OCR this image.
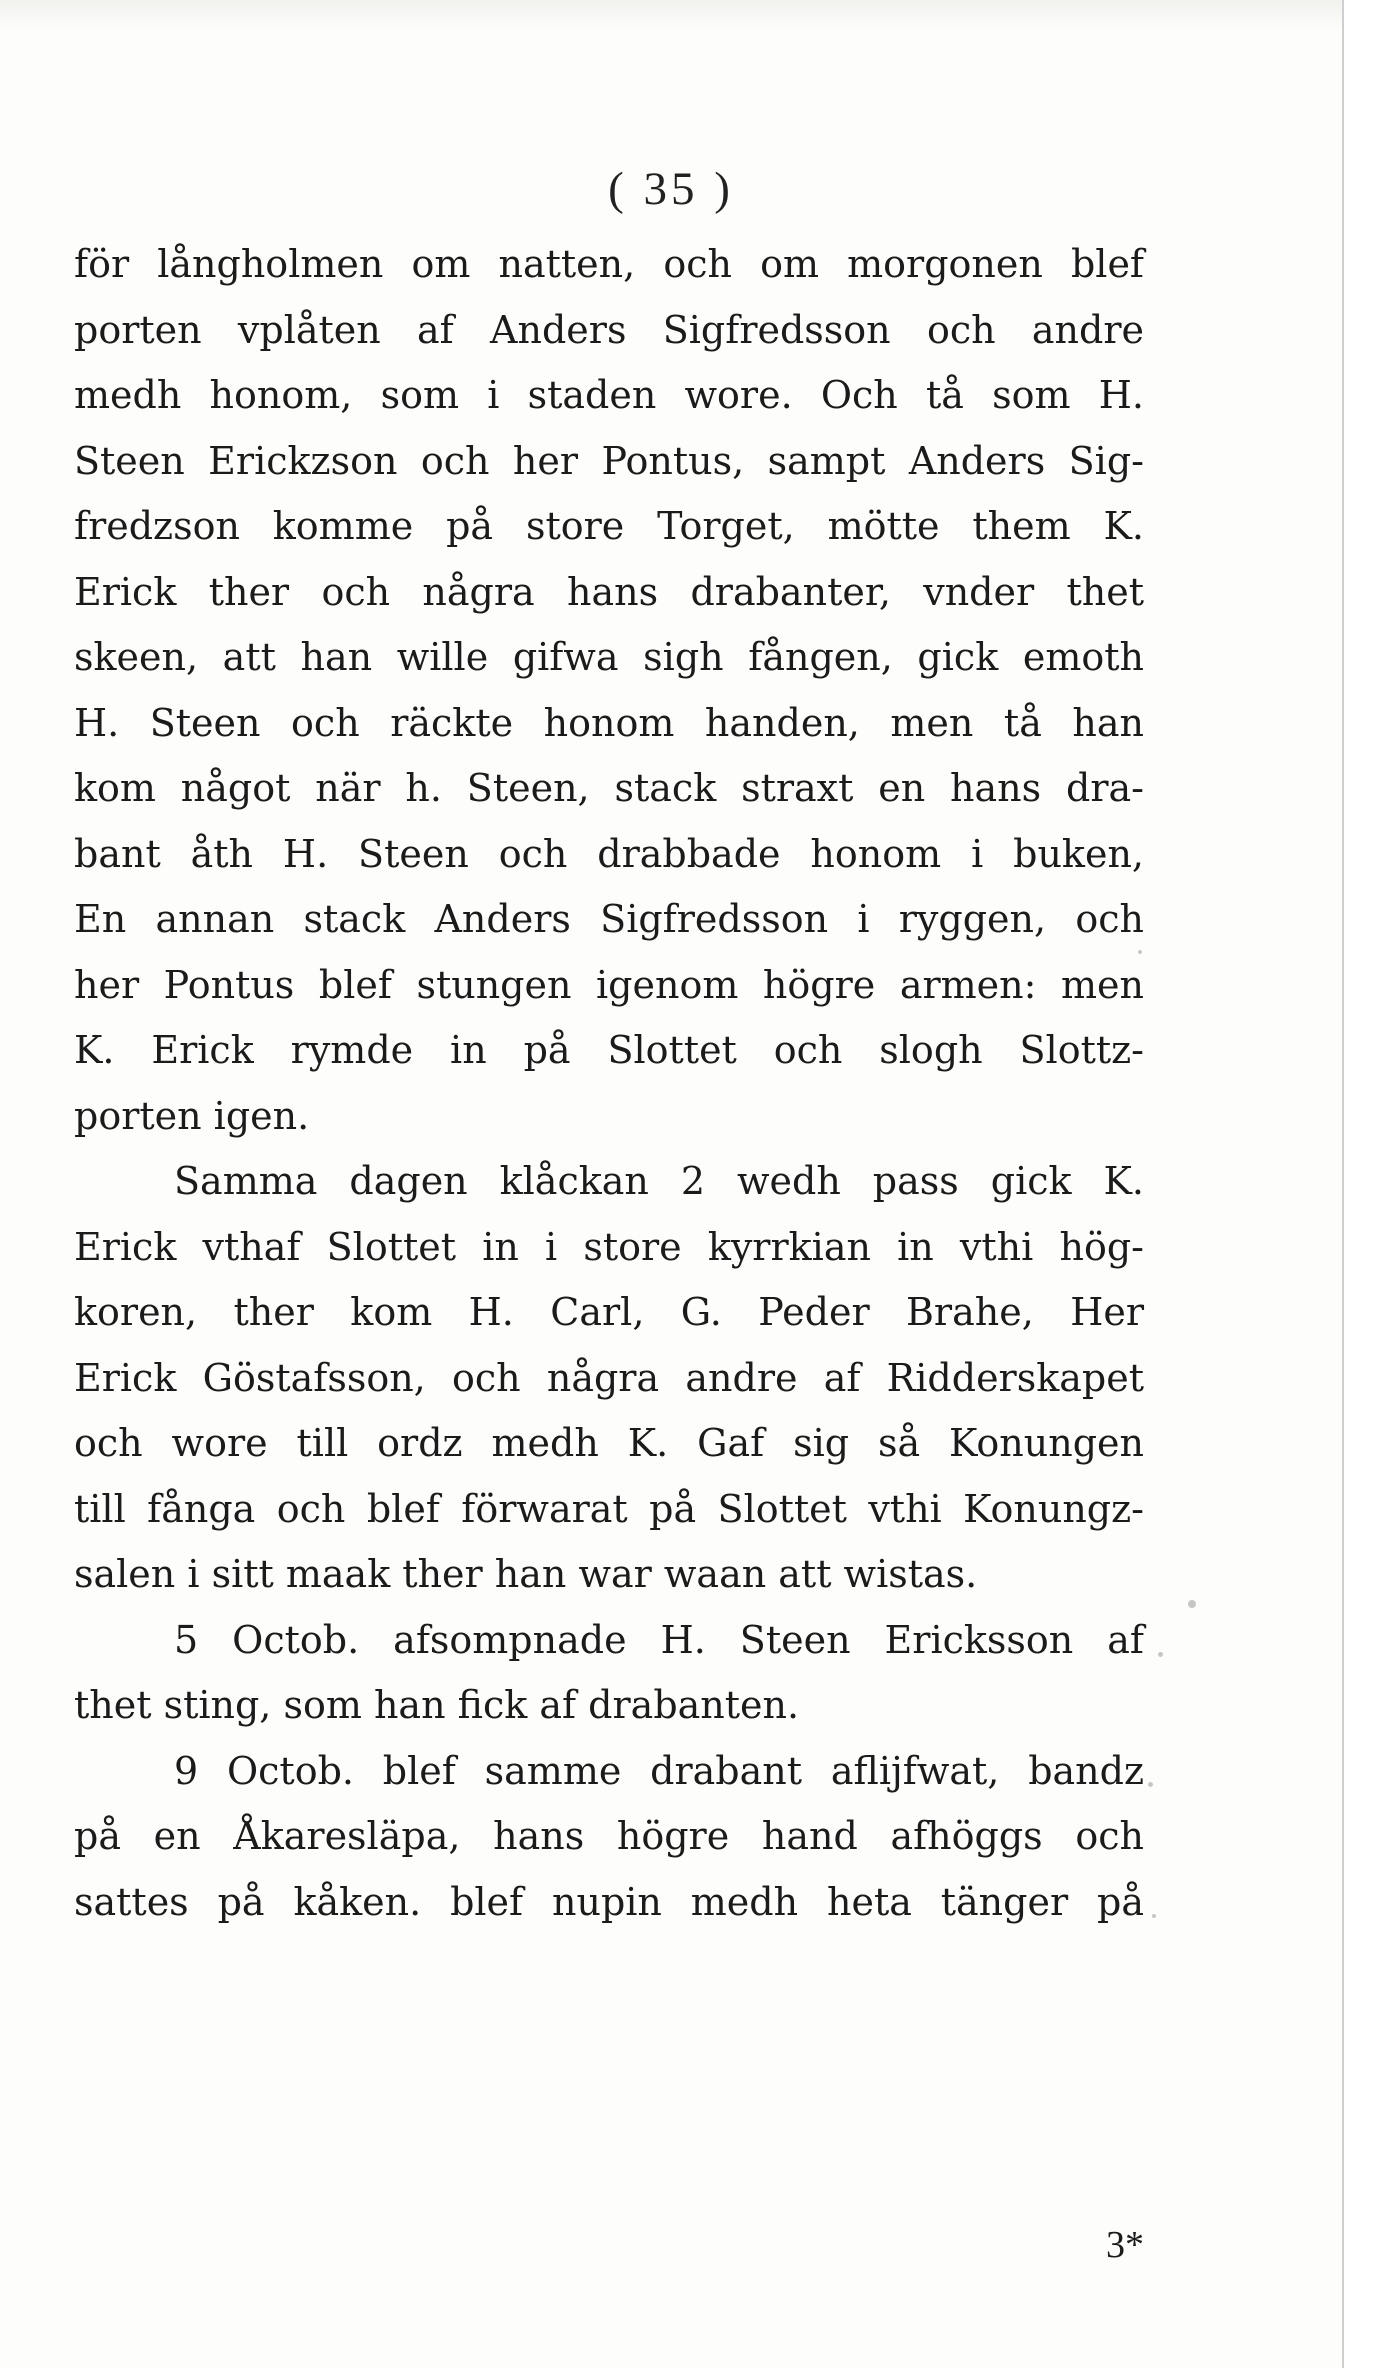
( 35 )
för långholmen om natten, och om morgonen blef
porten vplåten af Anders Sigfredsson och andre
medh honom, som i staden wore. Och tå som H.
Steen Erickzson och her Pontus, sampt Anders Sig-
fredzson komme på store Torget, mötte them K.
Erick ther och några hans drabanter, vnder thet
skeen, att han wille gifwa sigh fången, gick emoth
H. Steen och räckte honom handen, men tå han
kom något när h. Steen, stack straxt en hans dra-
bant åth H. Steen och drabbade honom i buken,
En annan stack Anders Sigfredsson i ryggen, och
her Pontus blef stungen igenom högre armen: men
K. Erick rymde in på Slottet och slogh Slottz-
porten igen.
Samma dagen klåckan 2 wedh pass gick K.
Erick vthaf Slottet in i store kyrrkian in vthi hög-
koren, ther kom H. Carl, G. Peder Brahe, Her
Erick Göstafsson, och några andre af Ridderskapet
och wore till ordz medh K. Gaf sig så Konungen
till fånga och blef förwarat på Slottet vthi Konungz-
salen i sitt maak ther han war waan att wistas.
5 Octob. afsompnade H. Steen Ericksson af
thet sting, som han fick af drabanten.
9 Octob. blef samme drabant aflijfwat, bandz
på en Åkaresläpa, hans högre hand afhöggs och
sattes på kåken. blef nupin medh heta tänger på
3*
